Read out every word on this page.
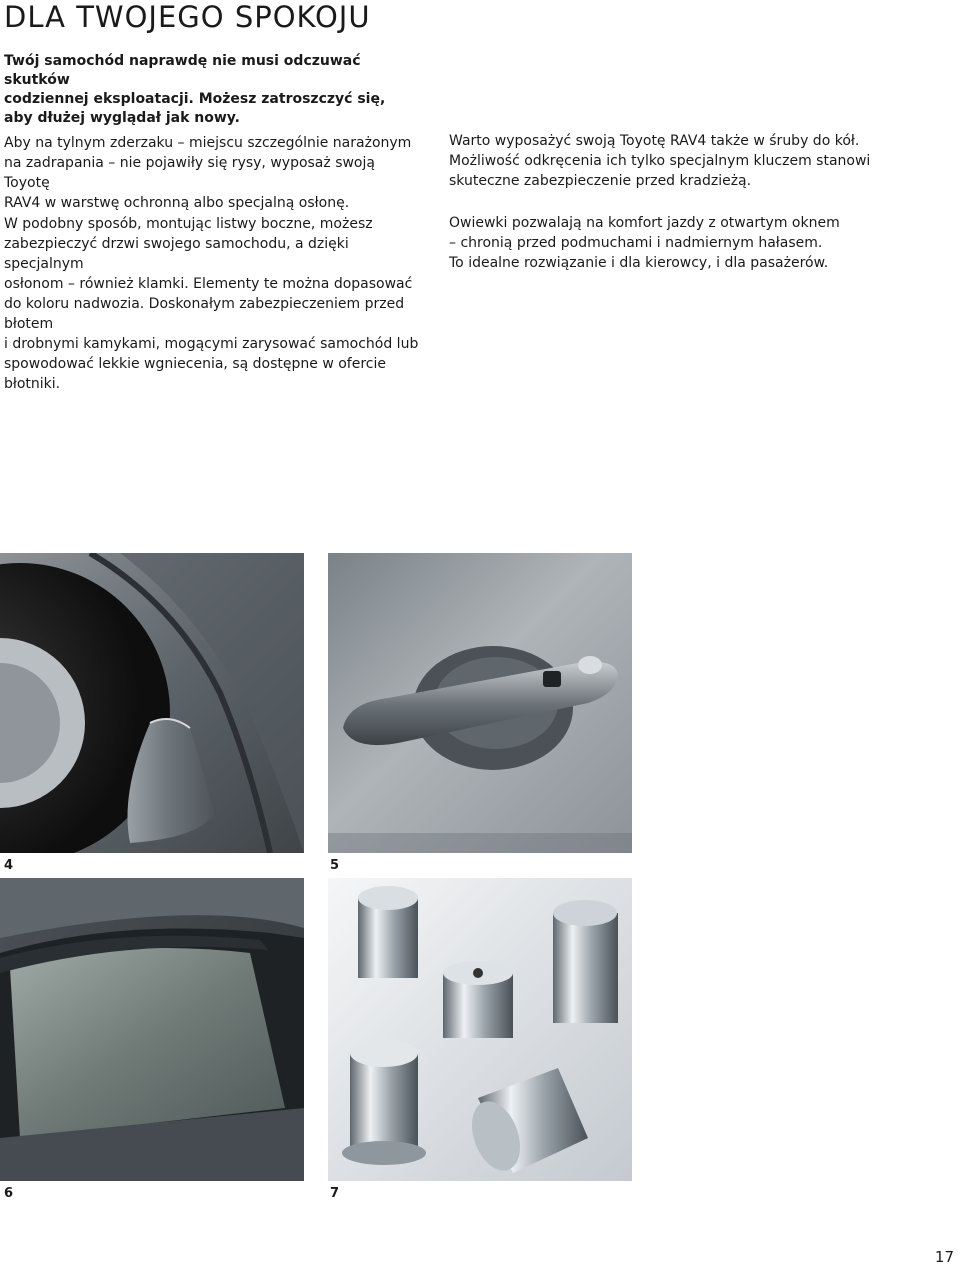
DLA TWOJEGO SPOKOJU
Twój samochód naprawdę nie musi odczuwać skutków
codziennej eksploatacji. Możesz zatroszczyć się,
aby dłużej wyglądał jak nowy.
Aby na tylnym zderzaku – miejscu szczególnie narażonym
na zadrapania – nie pojawiły się rysy, wyposaż swoją Toyotę
RAV4 w warstwę ochronną albo specjalną osłonę.
W podobny sposób, montując listwy boczne, możesz
zabezpieczyć drzwi swojego samochodu, a dzięki specjalnym
osłonom – również klamki. Elementy te można dopasować
do koloru nadwozia. Doskonałym zabezpieczeniem przed błotem
i drobnymi kamykami, mogącymi zarysować samochód lub
spowodować lekkie wgniecenia, są dostępne w ofercie błotniki.
Warto wyposażyć swoją Toyotę RAV4 także w śruby do kół.
Możliwość odkręcenia ich tylko specjalnym kluczem stanowi
skuteczne zabezpieczenie przed kradzieżą.
Owiewki pozwalają na komfort jazdy z otwartym oknem
– chronią przed podmuchami i nadmiernym hałasem.
To idealne rozwiązanie i dla kierowcy, i dla pasażerów.

4	5

6	7

17
